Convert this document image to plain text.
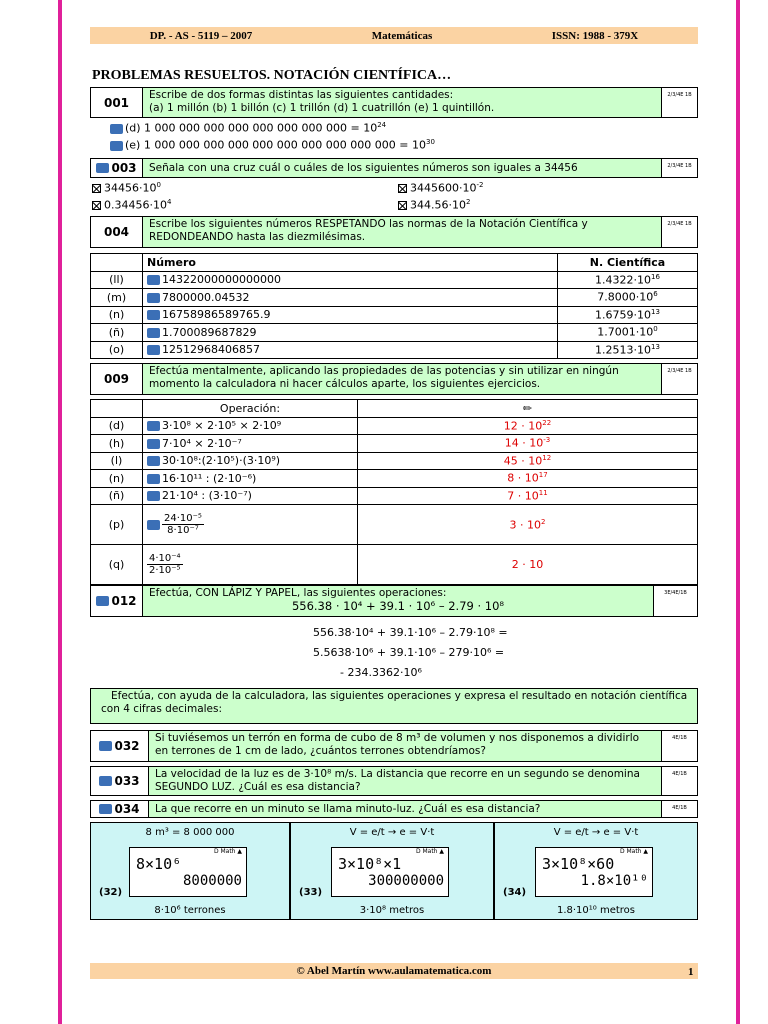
DP. - AS - 5119 – 2007	Matemáticas	ISSN: 1988 - 379X
PROBLEMAS RESUELTOS. NOTACIÓN CIENTÍFICA…
001
Escribe de dos formas distintas las siguientes cantidades:
(a) 1 millón (b) 1 billón (c) 1 trillón (d) 1 cuatrillón (e) 1 quintillón.
2/3/4E 1B
(d) 1 000 000 000 000 000 000 000 $000 = 10^{24}$
(e) 1 000 000 000 000 000 000 000 000 000 $000 = 10^{30}$
003	Señala con una cruz cuál o cuáles de los siguientes números son iguales a 34456	2/3/4E 1B
$34456\cdot 10^0$	$3445600\cdot 10^{-2}$
$0.34456\cdot 10^4$	$344.56\cdot 10^2$
004
Escribe los siguientes números RESPETANDO las normas de la Notación Científica y REDONDEANDO hasta las diezmilésimas.
2/3/4E 1B
	Número	N. Científica
(ll)	14322000000000000	$1.4322\cdot 10^{16}$
(m)	7800000.04532	$7.8000\cdot 10^6$
(n)	16758986589765.9	$1.6759\cdot 10^{13}$
(ñ)	1.700089687829	$1.7001\cdot 10^0$
(o)	12512968406857	$1.2513\cdot 10^{13}$
009
Efectúa mentalmente, aplicando las propiedades de las potencias y sin utilizar en ningún momento la calculadora ni hacer cálculos aparte, los siguientes ejercicios.
2/3/4E 1B
	Operación:	✏
(d)	3·10⁸ × 2·10⁵ × 2·10⁹	$12 \cdot 10^{22}$
(h)	7·10⁴ × 2·10⁻⁷	$14 \cdot 10^{-3}$
(l)	30·10⁸:(2·10⁵)·(3·10⁹)	$45 \cdot 10^{12}$
(n)	16·10¹¹ : (2·10⁻⁶)	$8 \cdot 10^{17}$
(ñ)	21·10⁴ : (3·10⁻⁷)	$7 \cdot 10^{11}$
(p)	$\frac{\text{24·10⁻⁵}}{\text{8·10⁻⁷}}$	$3 \cdot 10^2$
(q)	$\frac{\text{4·10⁻⁴}}{\text{2·10⁻⁵}}$	2 · 10
012
Efectúa, CON LÁPIZ Y PAPEL, las siguientes operaciones:
556.38 · 10⁴ + 39.1 · 10⁶ – 2.79 · 10⁸
3E/4E/1B
556.38·10⁴ + 39.1·10⁶ – 2.79·10⁸ =
5.5638·10⁶ + 39.1·10⁶ – 279·10⁶ =
- 234.3362·10⁶
Efectúa, con ayuda de la calculadora, las siguientes operaciones y expresa el resultado en notación científica con 4 cifras decimales:
032
Si tuviésemos un terrón en forma de cubo de 8 m³ de volumen y nos disponemos a dividirlo en terrones de 1 cm de lado, ¿cuántos terrones obtendríamos?
4E/1B
033	La velocidad de la luz es de 3·10⁸ m/s. La distancia que recorre en un segundo se denomina SEGUNDO LUZ. ¿Cuál es esa distancia?
4E/1B
034	La que recorre en un minuto se llama minuto-luz. ¿Cuál es esa distancia?	4E/1B
8 m³ = 8 000 000
D Math ▲
8×10⁶
8000000
(32)
8·10⁶ terrones
V = e/t → e = V·t
D Math ▲
3×10⁸×1
300000000
(33)
3·10⁸ metros
V = e/t → e = V·t
D Math ▲
3×10⁸×60
1.8×10¹⁰
(34)
1.8·10¹⁰ metros
© Abel Martín www.aulamatematica.com	1
